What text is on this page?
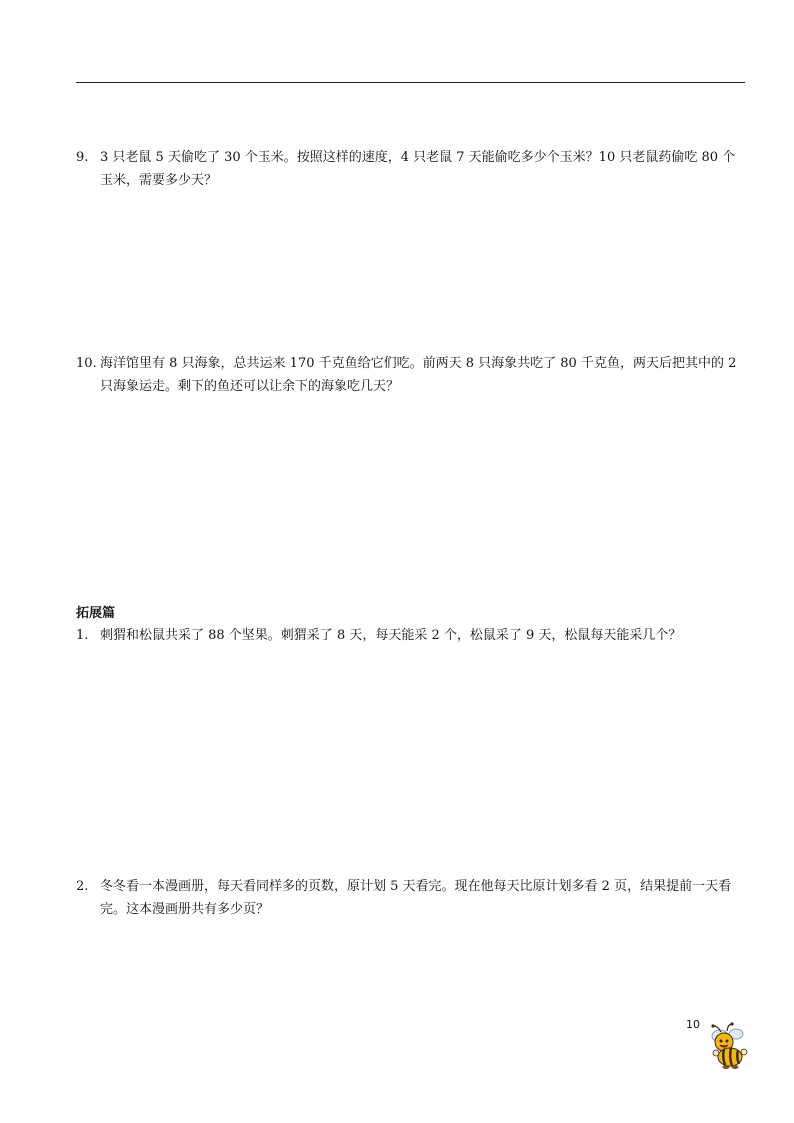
9. 3 只老鼠 5 天偷吃了 30 个玉米。按照这样的速度，4 只老鼠 7 天能偷吃多少个玉米？10 只老鼠药偷吃 80 个玉米，需要多少天？
10. 海洋馆里有 8 只海象，总共运来 170 千克鱼给它们吃。前两天 8 只海象共吃了 80 千克鱼，两天后把其中的 2 只海象运走。剩下的鱼还可以让余下的海象吃几天？
拓展篇
1. 刺猬和松鼠共采了 88 个坚果。刺猬采了 8 天，每天能采 2 个，松鼠采了 9 天，松鼠每天能采几个？
2. 冬冬看一本漫画册，每天看同样多的页数，原计划 5 天看完。现在他每天比原计划多看 2 页，结果提前一天看完。这本漫画册共有多少页？
10
